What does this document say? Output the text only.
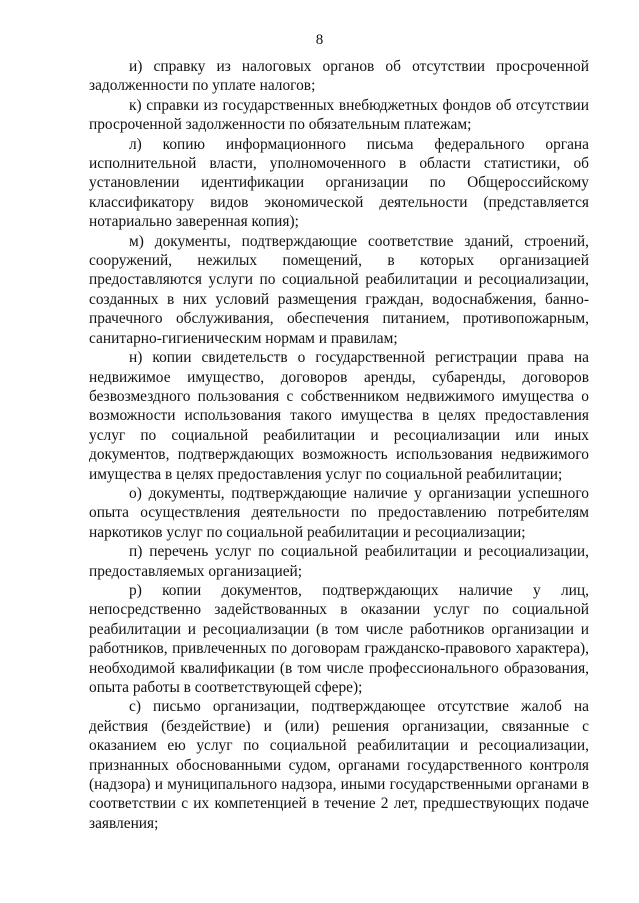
8

и) справку из налоговых органов об отсутствии просроченной задолженности по уплате налогов;

к) справки из государственных внебюджетных фондов об отсутствии просроченной задолженности по обязательным платежам;

л) копию информационного письма федерального органа исполнительной власти, уполномоченного в области статистики, об установлении идентификации организации по Общероссийскому классификатору видов экономической деятельности (представляется нотариально заверенная копия);

м) документы, подтверждающие соответствие зданий, строений, сооружений, нежилых помещений, в которых организацией предоставляются услуги по социальной реабилитации и ресоциализации, созданных в них условий размещения граждан, водоснабжения, банно-прачечного обслуживания, обеспечения питанием, противопожарным, санитарно-гигиеническим нормам и правилам;

н) копии свидетельств о государственной регистрации права на недвижимое имущество, договоров аренды, субаренды, договоров безвозмездного пользования с собственником недвижимого имущества о возможности использования такого имущества в целях предоставления услуг по социальной реабилитации и ресоциализации или иных документов, подтверждающих возможность использования недвижимого имущества в целях предоставления услуг по социальной реабилитации;

о) документы, подтверждающие наличие у организации успешного опыта осуществления деятельности по предоставлению потребителям наркотиков услуг по социальной реабилитации и ресоциализации;

п) перечень услуг по социальной реабилитации и ресоциализации, предоставляемых организацией;

р) копии документов, подтверждающих наличие у лиц, непосредственно задействованных в оказании услуг по социальной реабилитации и ресоциализации (в том числе работников организации и работников, привлеченных по договорам гражданско-правового характера), необходимой квалификации (в том числе профессионального образования, опыта работы в соответствующей сфере);

с) письмо организации, подтверждающее отсутствие жалоб на действия (бездействие) и (или) решения организации, связанные с оказанием ею услуг по социальной реабилитации и ресоциализации, признанных обоснованными судом, органами государственного контроля (надзора) и муниципального надзора, иными государственными органами в соответствии с их компетенцией в течение 2 лет, предшествующих подаче заявления;
